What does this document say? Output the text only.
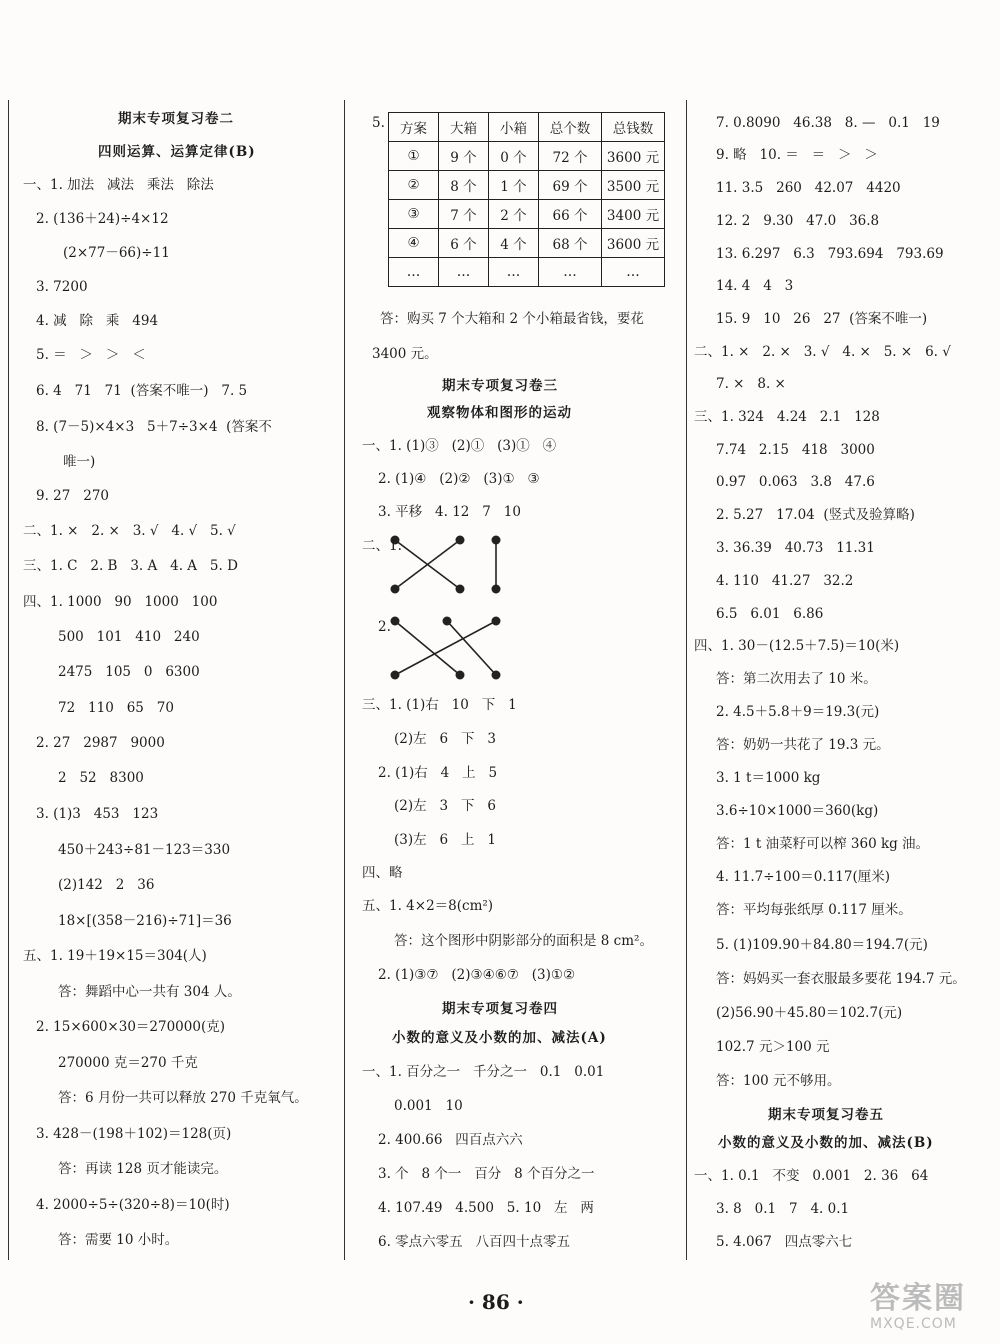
5. 方案	大箱	小箱	总个数	总钱数
①	9 个	0 个	72 个	3600 元
②	8 个	1 个	69 个	3500 元
③	7 个	2 个	66 个	3400 元
④	6 个	4 个	68 个	3600 元
…	…	…	…	…
· 86 ·	答案圈
MXQE.COM
期末专项复习卷二
四则运算、运算定律(B)
一、1. 加法   减法   乘法   除法
2. (136＋24)÷4×12
(2×77－66)÷11
3. 7200
4. 减   除   乘   494
5. ＝   ＞   ＞   ＜
6. 4   71   71  (答案不唯一)   7. 5
8. (7－5)×4×3   5＋7÷3×4  (答案不
唯一)
9. 27   270
二、1. ×   2. ×   3. √   4. √   5. √
三、1. C   2. B   3. A   4. A   5. D
四、1. 1000   90   1000   100
500   101   410   240
2475   105   0   6300
72   110   65   70
2. 27   2987   9000
2   52   8300
3. (1)3   453   123
450＋243÷81－123＝330
(2)142   2   36
18×[(358－216)÷71]＝36
五、1. 19＋19×15＝304(人)
答：舞蹈中心一共有 304 人。
2. 15×600×30＝270000(克)
270000 克＝270 千克
答：6 月份一共可以释放 270 千克氧气。
3. 428－(198＋102)＝128(页)
答：再读 128 页才能读完。
4. 2000÷5÷(320÷8)＝10(时)
答：需要 10 小时。
答：购买 7 个大箱和 2 个小箱最省钱，要花
3400 元。
期末专项复习卷三
观察物体和图形的运动
一、1. (1)③   (2)①   (3)①   ④
2. (1)④   (2)②   (3)①   ③
3. 平移   4. 12   7   10
二、1.
2.
三、1. (1)右   10   下   1
(2)左   6   下   3
2. (1)右   4   上   5
(2)左   3   下   6
(3)左   6   上   1
四、略
五、1. 4×2＝8(cm²)
答：这个图形中阴影部分的面积是 8 cm²。
2. (1)③⑦   (2)③④⑥⑦   (3)①②
期末专项复习卷四
小数的意义及小数的加、减法(A)
一、1. 百分之一   千分之一   0.1   0.01
0.001   10
2. 400.66   四百点六六
3. 个   8 个一   百分   8 个百分之一
4. 107.49   4.500   5. 10   左   两
6. 零点六零五   八百四十点零五
7. 0.8090   46.38   8. —   0.1   19
9. 略   10. ＝   ＝   ＞   ＞
11. 3.5   260   42.07   4420
12. 2   9.30   47.0   36.8
13. 6.297   6.3   793.694   793.69
14. 4   4   3
15. 9   10   26   27  (答案不唯一)
二、1. ×   2. ×   3. √   4. ×   5. ×   6. √
7. ×   8. ×
三、1. 324   4.24   2.1   128
7.74   2.15   418   3000
0.97   0.063   3.8   47.6
2. 5.27   17.04  (竖式及验算略)
3. 36.39   40.73   11.31
4. 110   41.27   32.2
6.5   6.01   6.86
四、1. 30－(12.5＋7.5)＝10(米)
答：第二次用去了 10 米。
2. 4.5＋5.8＋9＝19.3(元)
答：奶奶一共花了 19.3 元。
3. 1 t＝1000 kg
3.6÷10×1000＝360(kg)
答：1 t 油菜籽可以榨 360 kg 油。
4. 11.7÷100＝0.117(厘米)
答：平均每张纸厚 0.117 厘米。
5. (1)109.90＋84.80＝194.7(元)
答：妈妈买一套衣服最多要花 194.7 元。
(2)56.90＋45.80＝102.7(元)
102.7 元＞100 元
答：100 元不够用。
期末专项复习卷五
小数的意义及小数的加、减法(B)
一、1. 0.1   不变   0.001   2. 36   64
3. 8   0.1   7   4. 0.1
5. 4.067   四点零六七
